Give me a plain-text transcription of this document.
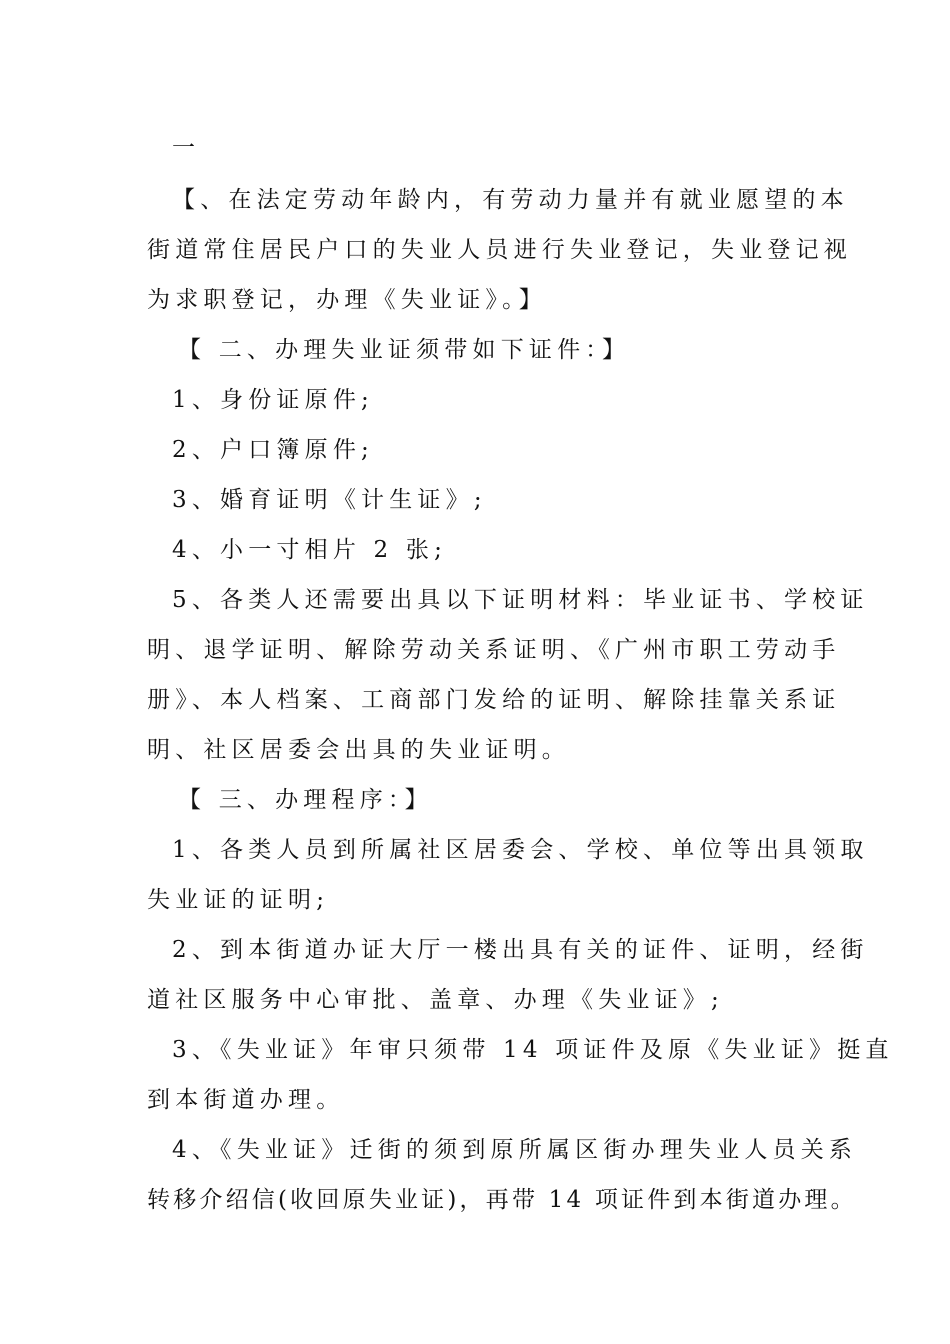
一
【、在法定劳动年龄内，有劳动力量并有就业愿望的本
街道常住居民户口的失业人员进行失业登记，失业登记视
为求职登记，办理《失业证》。】
【 二、办理失业证须带如下证件：】
1、身份证原件;
2、户口簿原件;
3、婚育证明《计生证》;
4、小一寸相片 2 张;
5、各类人还需要出具以下证明材料：毕业证书、学校证
明、退学证明、解除劳动关系证明、《广州市职工劳动手
册》、本人档案、工商部门发给的证明、解除挂靠关系证
明、社区居委会出具的失业证明。
【 三、办理程序：】
1、各类人员到所属社区居委会、学校、单位等出具领取
失业证的证明;
2、到本街道办证大厅一楼出具有关的证件、证明，经街
道社区服务中心审批、盖章、办理《失业证》;
3、《失业证》年审只须带 14 项证件及原《失业证》挺直
到本街道办理。
4、《失业证》迁街的须到原所属区街办理失业人员关系
转移介绍信(收回原失业证)，再带 14 项证件到本街道办理。
